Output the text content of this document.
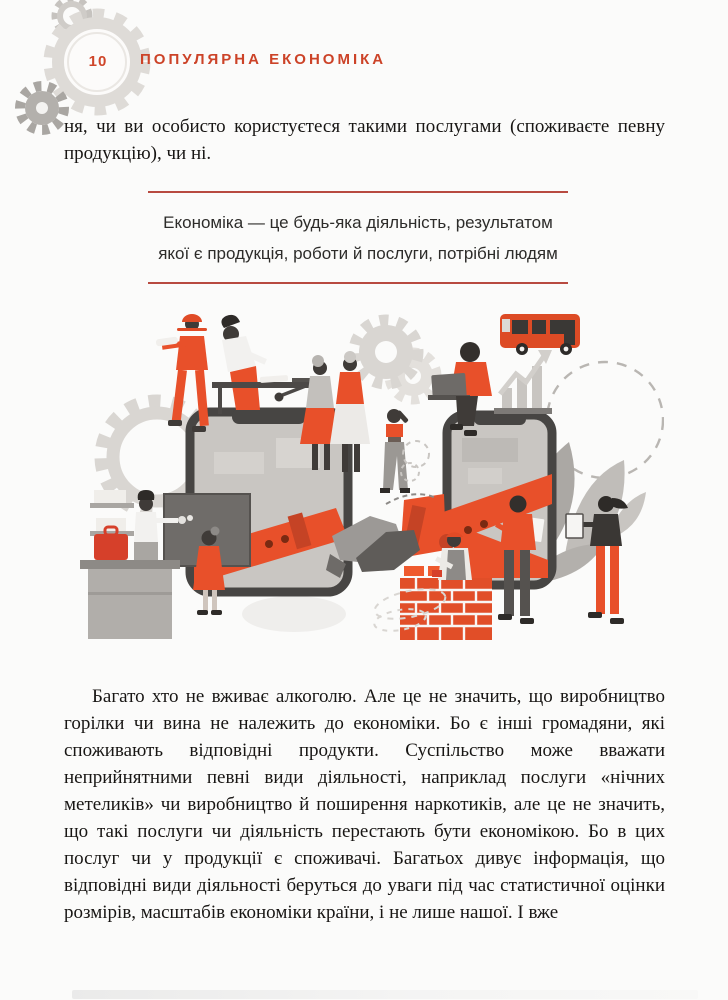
10	ПОПУЛЯРНА ЕКОНОМІКА
ня, чи ви особисто користуєтеся такими послугами (споживаєте певну продукцію), чи ні.
Економіка — це будь-яка діяльність, результатом якої є продукція, роботи й послуги, потрібні людям
Багато хто не вживає алкоголю. Але це не значить, що виробництво горілки чи вина не належить до економіки. Бо є інші громадяни, які споживають відповідні продукти. Суспільство може вважати неприйнятними певні види діяльності, наприклад послуги «нічних метеликів» чи виробництво й поширення наркотиків, але це не значить, що такі послуги чи діяльність перестають бути економікою. Бо в цих послуг чи у продукції є споживачі. Багатьох дивує інформація, що відповідні види діяльності беруться до уваги під час статистичної оцінки розмірів, масштабів економіки країни, і не лише нашої. І вже
